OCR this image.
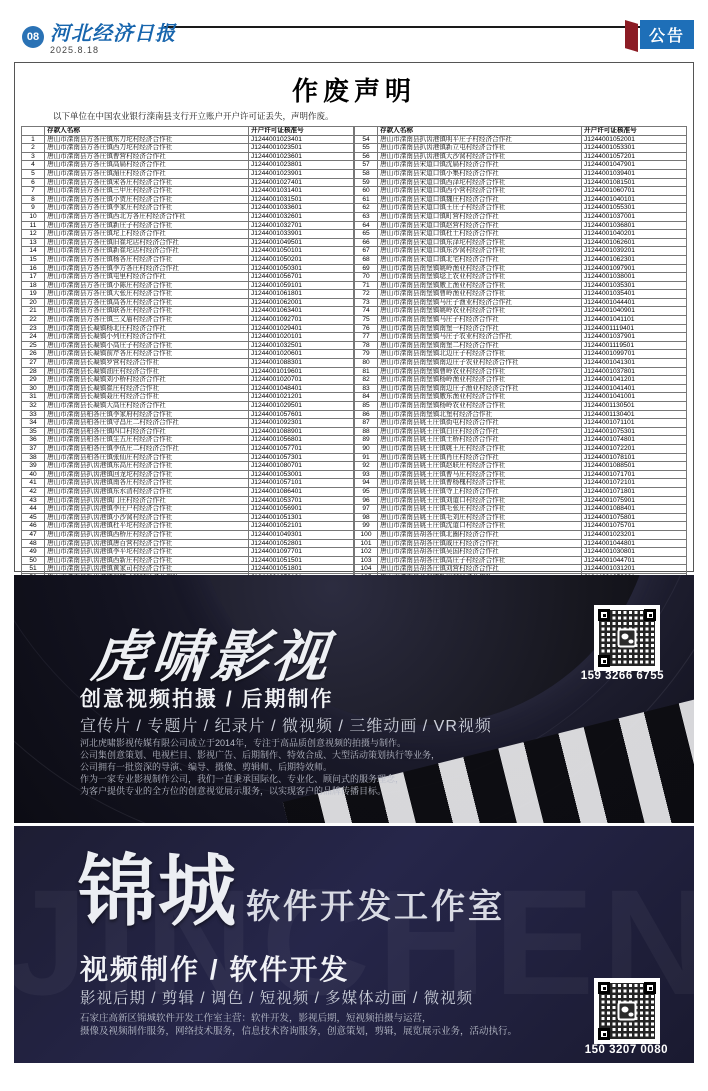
08 河北经济日报
2025.8.18
公告
作废声明

以下单位在中国农业银行滦南县支行开立账户开户许可证丢失，声明作废。

	存款人名称	开户许可证核准号
1	唐山市滦南县方各庄镇东刀坨村经济合作社	J1244001023401
2	唐山市滦南县方各庄镇西刀坨村经济合作社	J1244001023501
3	唐山市滦南县方各庄镇曹营村经济合作社	J1244001023601
4	唐山市滦南县方各庄镇高扁村经济合作社	J1244001023801
5	唐山市滦南县方各庄镇湄庄村经济合作社	J1244001023901
6	唐山市滦南县方各庄镇宋各庄村经济合作社	J1244001027401
7	唐山市滦南县方各庄镇三甲庄村经济合作社	J1244001031401
8	唐山市滦南县方各庄镇小贾庄村经济合作社	J1244001031501
9	唐山市滦南县方各庄镇李家庄村经济合作社	J1244001033601
10	唐山市滦南县方各庄镇西北方各庄村经济合作社	J1244001032601
11	唐山市滦南县方各庄镇新庄子村经济合作社	J1244001032701
12	唐山市滦南县方各庄镇坨上村经济合作社	J1244001033901
13	唐山市滦南县方各庄镇旧崔坨店村经济合作社	J1244001049501
14	唐山市滦南县方各庄镇新崔坨店村经济合作社	J1244001050101
15	唐山市滦南县方各庄镇杨各庄村经济合作社	J1244001050201
16	唐山市滦南县方各庄镇李方各庄村经济合作社	J1244001050301
17	唐山市滦南县方各庄镇屯里村经济合作社	J1244001056701
18	唐山市滦南县方各庄镇小陈庄村经济合作社	J1244001059101
19	唐山市滦南县方各庄镇大张庄村经济合作社	J1244001061801
20	唐山市滦南县方各庄镇高各庄村经济合作社	J1244001062001
21	唐山市滦南县方各庄镇联各庄村经济合作社	J1244001063401
22	唐山市滦南县方各庄镇三义庙村经济合作社	J1244001092701
23	唐山市滦南县长凝镇杨北庄村经济合作社	J1244001029401
24	唐山市滦南县长凝镇小列庄村经济合作社	J1244001020101
25	唐山市滦南县长凝镇小高庄子村经济合作社	J1244001032501
26	唐山市滦南县长凝镇前芹各庄村经济合作社	J1244001020601
27	唐山市滦南县长凝镇罗营村经济合作社	J1244001088301
28	唐山市滦南县长凝镇油庄村经济合作社	J1244001019601
29	唐山市滦南县长凝镇刘小桥村经济合作社	J1244001020701
30	唐山市滦南县长凝镇崔庄村经济合作社	J1244001048401
31	唐山市滦南县长凝镇聂庄村经济合作社	J1244001021201
32	唐山市滦南县长凝镇大高庄村经济合作社	J1244001029501
33	唐山市滦南县柏各庄镇李家府村经济合作社	J1244001057601
34	唐山市滦南县柏各庄镇守昌庄二村经济合作社	J1244001092301
35	唐山市滦南县柏各庄镇四口村经济合作社	J1244001088901
36	唐山市滦南县柏各庄镇生五庄村经济合作社	J1244001056801
37	唐山市滦南县柏各庄镇李伍庄二村经济合作社	J1244001057701
38	唐山市滦南县柏各庄镇张仙庄村经济合作社	J1244001057301
39	唐山市滦南县扒齿港镇东高庄村经济合作社	J1244001080701
40	唐山市滦南县扒齿港镇回龙坨村经济合作社	J1244001053001
41	唐山市滦南县扒齿港镇南各庄村经济合作社	J1244001057101
42	唐山市滦南县扒齿港镇东水清村经济合作社	J1244001086401
43	唐山市滦南县扒齿港镇门庄村经济合作社	J1244001053701
44	唐山市滦南县扒齿港镇李庄户村经济合作社	J1244001056901
45	唐山市滦南县扒齿港镇小沙窝村经济合作社	J1244001051301
46	唐山市滦南县扒齿港镇杜平坨村经济合作社	J1244001052101
47	唐山市滦南县扒齿港镇西桥庄村经济合作社	J1244001049301
48	唐山市滦南县扒齿港镇唐百营村经济合作社	J1244001052801
49	唐山市滦南县扒齿港镇李平坨村经济合作社	J1244001097701
50	唐山市滦南县扒齿港镇西新庄村经济合作社	J1244001051501
51	唐山市滦南县扒齿港镇黄家司村经济合作社	J1244001051801

	存款人名称	开户许可证核准号
54	唐山市滦南县扒齿港镇明平庄子村经济合作社	J1244001052001
55	唐山市滦南县扒齿港镇新立屯村经济合作社	J1244001053301
56	唐山市滦南县扒齿港镇大沙窝村经济合作社	J1244001057201
57	唐山市滦南县宋道口镇沈扁村经济合作社	J1244001047901
58	唐山市滦南县宋道口镇小集村经济合作社	J1244001039401
59	唐山市滦南县宋道口镇西泽坨村经济合作社	J1244001081501
60	唐山市滦南县宋道口镇西小营村经济合作社	J1244001060701
61	唐山市滦南县宋道口镇魏庄村经济合作社	J1244001040101
62	唐山市滦南县宋道口镇王庄子村经济合作社	J1244001055301
63	唐山市滦南县宋道口镇町营村经济合作社	J1244001037001
64	唐山市滦南县宋道口镇赵营村经济合作社	J1244001036801
65	唐山市滦南县宋道口镇杜土村经济合作社	J1244001040201
66	唐山市滦南县宋道口镇东泽坨村经济合作社	J1244001062601
67	唐山市滦南县宋道口镇东沙窝村经济合作社	J1244001039201
68	唐山市滦南县宋道口镇北宅村经济合作社	J1244001062301
69	唐山市滦南县南堡镇姚岭渔业村经济合作社	J1244001097901
70	唐山市滦南县南堡镇埝上农业村经济合作社	J1244001038001
71	唐山市滦南县南堡镇廒上渔业村经济合作社	J1244001035301
72	唐山市滦南县南堡镇曹岭渔业村经济合作社	J1244001035401
73	唐山市滦南县南堡镇马庄子渔业村经济合作社	J1244001044401
74	唐山市滦南县南堡镇姚岭农业村经济合作社	J1244001040901
75	唐山市滦南县南堡镇马庄子村经济合作社	J1244001041101
76	唐山市滦南县南堡镇南堡一村经济合作社	J1244001119401
77	唐山市滦南县南堡镇马庄子农业村经济合作社	J1244001037901
78	唐山市滦南县南堡镇南堡二村经济合作社	J1244001119501
79	唐山市滦南县南堡镇北边庄子村经济合作社	J1244001099701
80	唐山市滦南县南堡镇南边庄子农业村经济合作社	J1244001041301
81	唐山市滦南县南堡镇曹岭农业村经济合作社	J1244001037801
82	唐山市滦南县南堡镇杨岭渔业村经济合作社	J1244001041201
83	唐山市滦南县南堡镇南边庄子渔业村经济合作社	J1244001041401
84	唐山市滦南县南堡镇廒东渔业村经济合作社	J1244001041001
85	唐山市滦南县南堡镇杨岭农业村经济合作社	J1244001130501
86	唐山市滦南县南堡镇北堡村经济合作社	J1244001130401
87	唐山市滦南县姚王庄镇街屯村经济合作社	J1244001071101
88	唐山市滦南县姚王庄镇白庄村经济合作社	J1244001075301
89	唐山市滦南县姚王庄镇土桥村经济合作社	J1244001074801
90	唐山市滦南县姚王庄镇姚王庄村经济合作社	J1244001072201
91	唐山市滦南县姚王庄镇肖庄村经济合作社	J1244001078101
92	唐山市滦南县姚王庄镇赵联庄村经济合作社	J1244001088501
93	唐山市滦南县姚王庄镇曹马庄村经济合作社	J1244001071701
94	唐山市滦南县姚王庄镇曹杨槐村经济合作社	J1244001072101
95	唐山市滦南县姚王庄镇寺上村经济合作社	J1244001071801
96	唐山市滦南县姚王庄镇刘道口村经济合作社	J1244001075901
97	唐山市滦南县姚王庄镇毛张庄村经济合作社	J1244001088401
98	唐山市滦南县姚王庄镇毛刘庄村经济合作社	J1244001075801
99	唐山市滦南县姚王庄镇沈道口村经济合作社	J1244001075701
100	唐山市滦南县胡各庄镇北圈村经济合作社	J1244001023201
101	唐山市滦南县胡各庄镇戚庄村经济合作社	J1244001044801
102	唐山市滦南县胡各庄镇吴国村经济合作社	J1244001030801
103	唐山市滦南县胡各庄镇高庄子村经济合作社	J1244001044701
104	唐山市滦南县胡各庄镇刘营村经济合作社	J1244001031201

虎啸影视
创意视频拍摄 / 后期制作
宣传片 / 专题片 / 纪录片 / 微视频 / 三维动画 / VR视频
河北虎啸影视传媒有限公司成立于2014年，专注于高品质创意视频的拍摄与制作。
公司集创意策划、电视栏目、影视广告、后期制作、特效合成、大型活动策划执行等业务，
公司拥有一批资深的导演、编导、摄像、剪辑师、后期特效师。
作为一家专业影视制作公司，我们一直秉承国际化、专业化、顾问式的服务理念，
为客户提供专业的全方位的创意视觉展示服务，以实现客户的品牌传播目标。
159 3266 6755
锦城 软件开发工作室
视频制作 / 软件开发
影视后期 / 剪辑 / 调色 / 短视频 / 多媒体动画 / 微视频
石家庄高新区锦城软件开发工作室主营：软件开发，影视后期，短视频拍摄与运营，
摄像及视频制作服务，网络技术服务，信息技术咨询服务，创意策划，剪辑，展览展示业务，活动执行。
150 3207 0080
